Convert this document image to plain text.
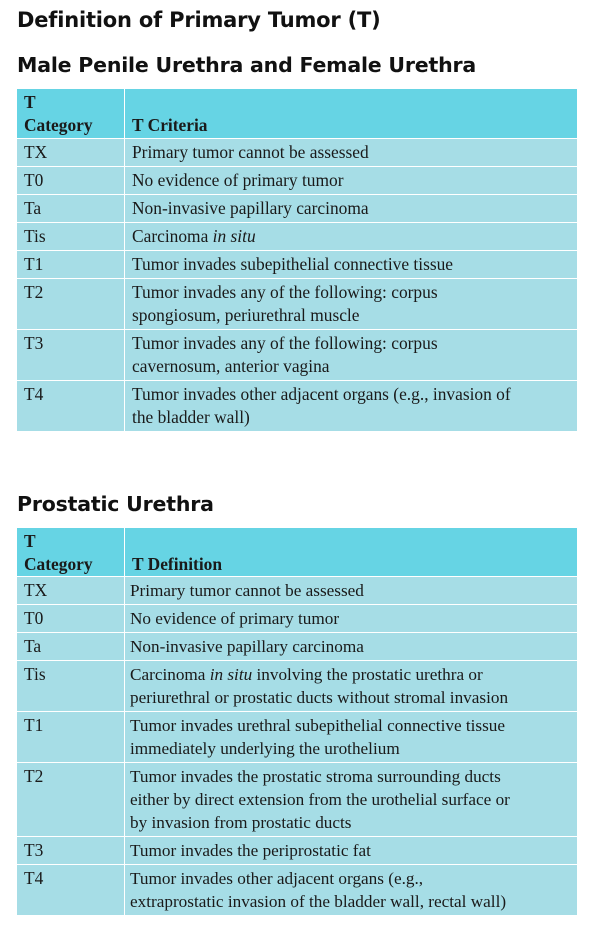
Definition of Primary Tumor (T)
Male Penile Urethra and Female Urethra
T
Category	T Criteria
TX	Primary tumor cannot be assessed
T0	No evidence of primary tumor
Ta	Non-invasive papillary carcinoma
Tis	Carcinoma in situ
T1	Tumor invades subepithelial connective tissue
T2	Tumor invades any of the following: corpus
spongiosum, periurethral muscle
T3	Tumor invades any of the following: corpus
cavernosum, anterior vagina
T4	Tumor invades other adjacent organs (e.g., invasion of
the bladder wall)
Prostatic Urethra
T
Category	T Definition
TX	Primary tumor cannot be assessed
T0	No evidence of primary tumor
Ta	Non-invasive papillary carcinoma
Tis	Carcinoma in situ involving the prostatic urethra or
periurethral or prostatic ducts without stromal invasion
T1	Tumor invades urethral subepithelial connective tissue
immediately underlying the urothelium
T2	Tumor invades the prostatic stroma surrounding ducts
either by direct extension from the urothelial surface or
by invasion from prostatic ducts
T3	Tumor invades the periprostatic fat
T4	Tumor invades other adjacent organs (e.g.,
extraprostatic invasion of the bladder wall, rectal wall)
